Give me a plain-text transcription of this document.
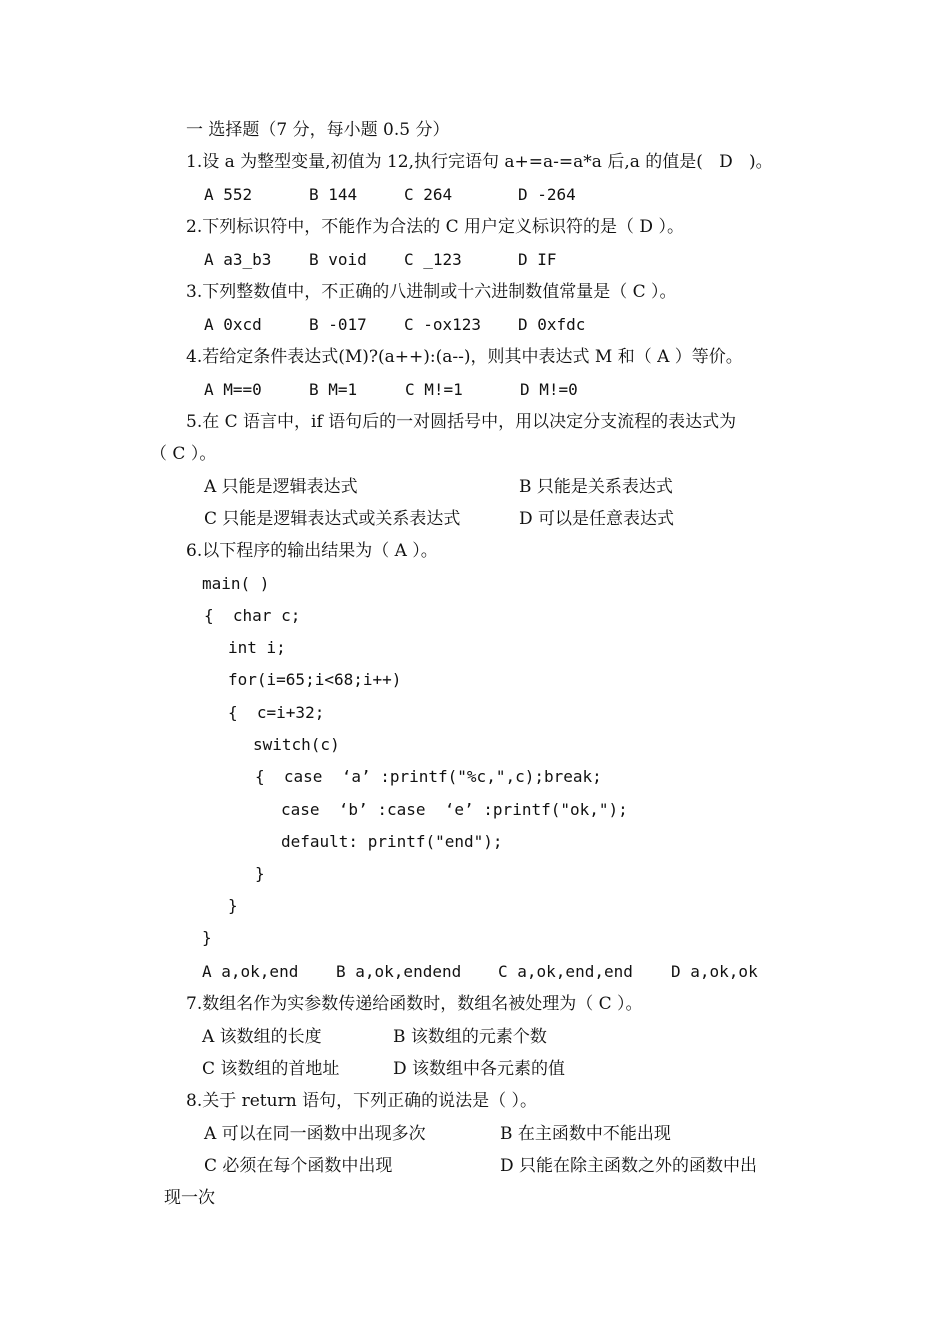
一 选择题（7 分，每小题 0.5 分）
1.设 a 为整型变量,初值为 12,执行完语句 a+=a-=a*a 后,a 的值是(   D   )。
A 552	B 144	C 264	D -264
2.下列标识符中，不能作为合法的 C 用户定义标识符的是（ D ）。
A a3_b3 B void C _123	D IF
3.下列整数值中，不正确的八进制或十六进制数值常量是（ C ）。
A 0xcd	B -017 C -ox123 D 0xfdc
4.若给定条件表达式(M)?(a++):(a--)，则其中表达式 M 和（ A ）等价。
A M==0	B M=1	C M!=1	D M!=0
5.在 C 语言中，if 语句后的一对圆括号中，用以决定分支流程的表达式为
（ C ）。
A 只能是逻辑表达式	B 只能是关系表达式
C 只能是逻辑表达式或关系表达式	D 可以是任意表达式
6.以下程序的输出结果为（ A ）。
main( )
{  char c;
int i;
for(i=65;i<68;i++)
{  c=i+32;
switch(c)
{  case  ‘a’ :printf("%c,",c);break;
case  ‘b’ :case  ‘e’ :printf("ok,");
default: printf("end");
}
}
}
A a,ok,end B a,ok,endend C a,ok,end,end D a,ok,ok
7.数组名作为实参数传递给函数时，数组名被处理为（ C ）。
A 该数组的长度	B 该数组的元素个数
C 该数组的首地址	D 该数组中各元素的值
8.关于 return 语句，下列正确的说法是（ ）。
A 可以在同一函数中出现多次	B 在主函数中不能出现
C 必须在每个函数中出现	D 只能在除主函数之外的函数中出
现一次
